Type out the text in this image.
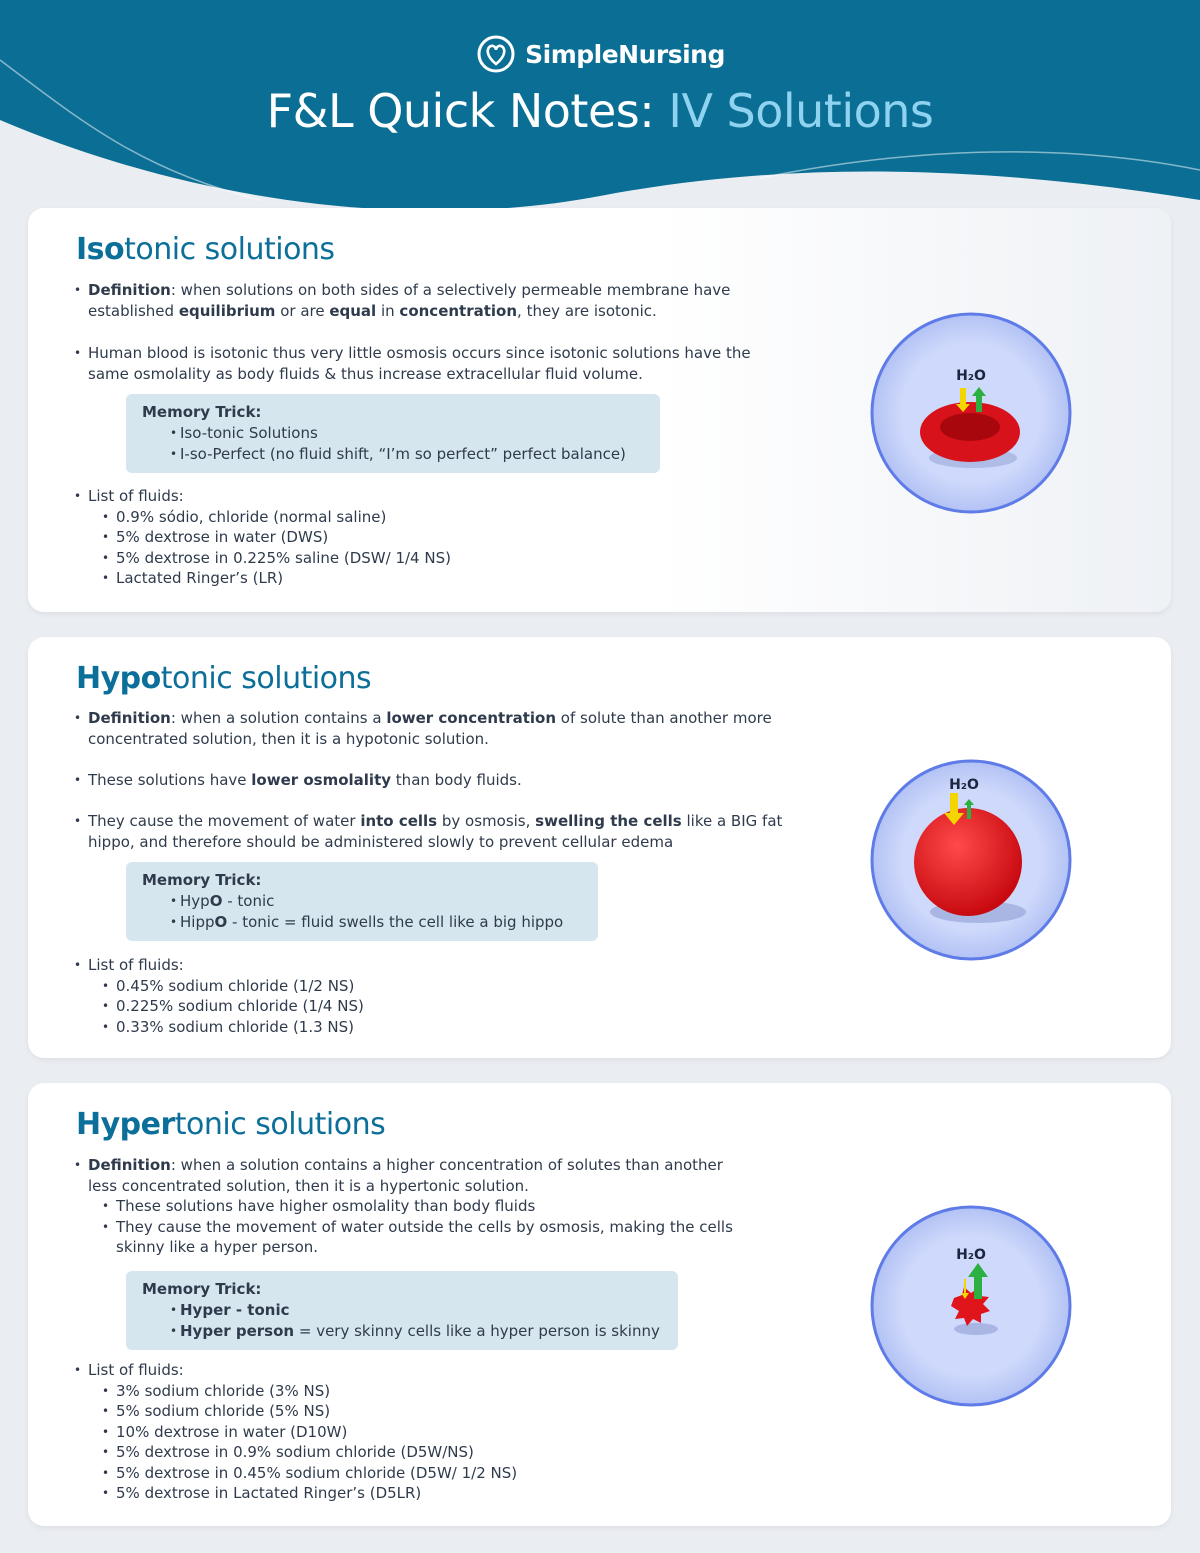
SimpleNursing
F&L Quick Notes: IV Solutions
Isotonic solutions
• Definition: when solutions on both sides of a selectively permeable membrane have established equilibrium or are equal in concentration, they are isotonic.
• Human blood is isotonic thus very little osmosis occurs since isotonic solutions have the same osmolality as body fluids & thus increase extracellular fluid volume.
Memory Trick:
• Iso-tonic Solutions
• I-so-Perfect (no fluid shift, “I’m so perfect” perfect balance)
• List of fluids:
• 0.9% sódio, chloride (normal saline)
• 5% dextrose in water (DWS)
• 5% dextrose in 0.225% saline (DSW/ 1/4 NS)
• Lactated Ringer’s (LR)
H₂O
Hypotonic solutions
• Definition: when a solution contains a lower concentration of solute than another more concentrated solution, then it is a hypotonic solution.
• These solutions have lower osmolality than body fluids.
• They cause the movement of water into cells by osmosis, swelling the cells like a BIG fat hippo, and therefore should be administered slowly to prevent cellular edema
Memory Trick:
• HypO - tonic
• HippO - tonic = fluid swells the cell like a big hippo
• List of fluids:
• 0.45% sodium chloride (1/2 NS)
• 0.225% sodium chloride (1/4 NS)
• 0.33% sodium chloride (1.3 NS)
H₂O
Hypertonic solutions
• Definition: when a solution contains a higher concentration of solutes than another less concentrated solution, then it is a hypertonic solution.
• These solutions have higher osmolality than body fluids
• They cause the movement of water outside the cells by osmosis, making the cells skinny like a hyper person.
Memory Trick:
• Hyper - tonic
• Hyper person = very skinny cells like a hyper person is skinny
• List of fluids:
• 3% sodium chloride (3% NS)
• 5% sodium chloride (5% NS)
• 10% dextrose in water (D10W)
• 5% dextrose in 0.9% sodium chloride (D5W/NS)
• 5% dextrose in 0.45% sodium chloride (D5W/ 1/2 NS)
• 5% dextrose in Lactated Ringer’s (D5LR)
H₂O
